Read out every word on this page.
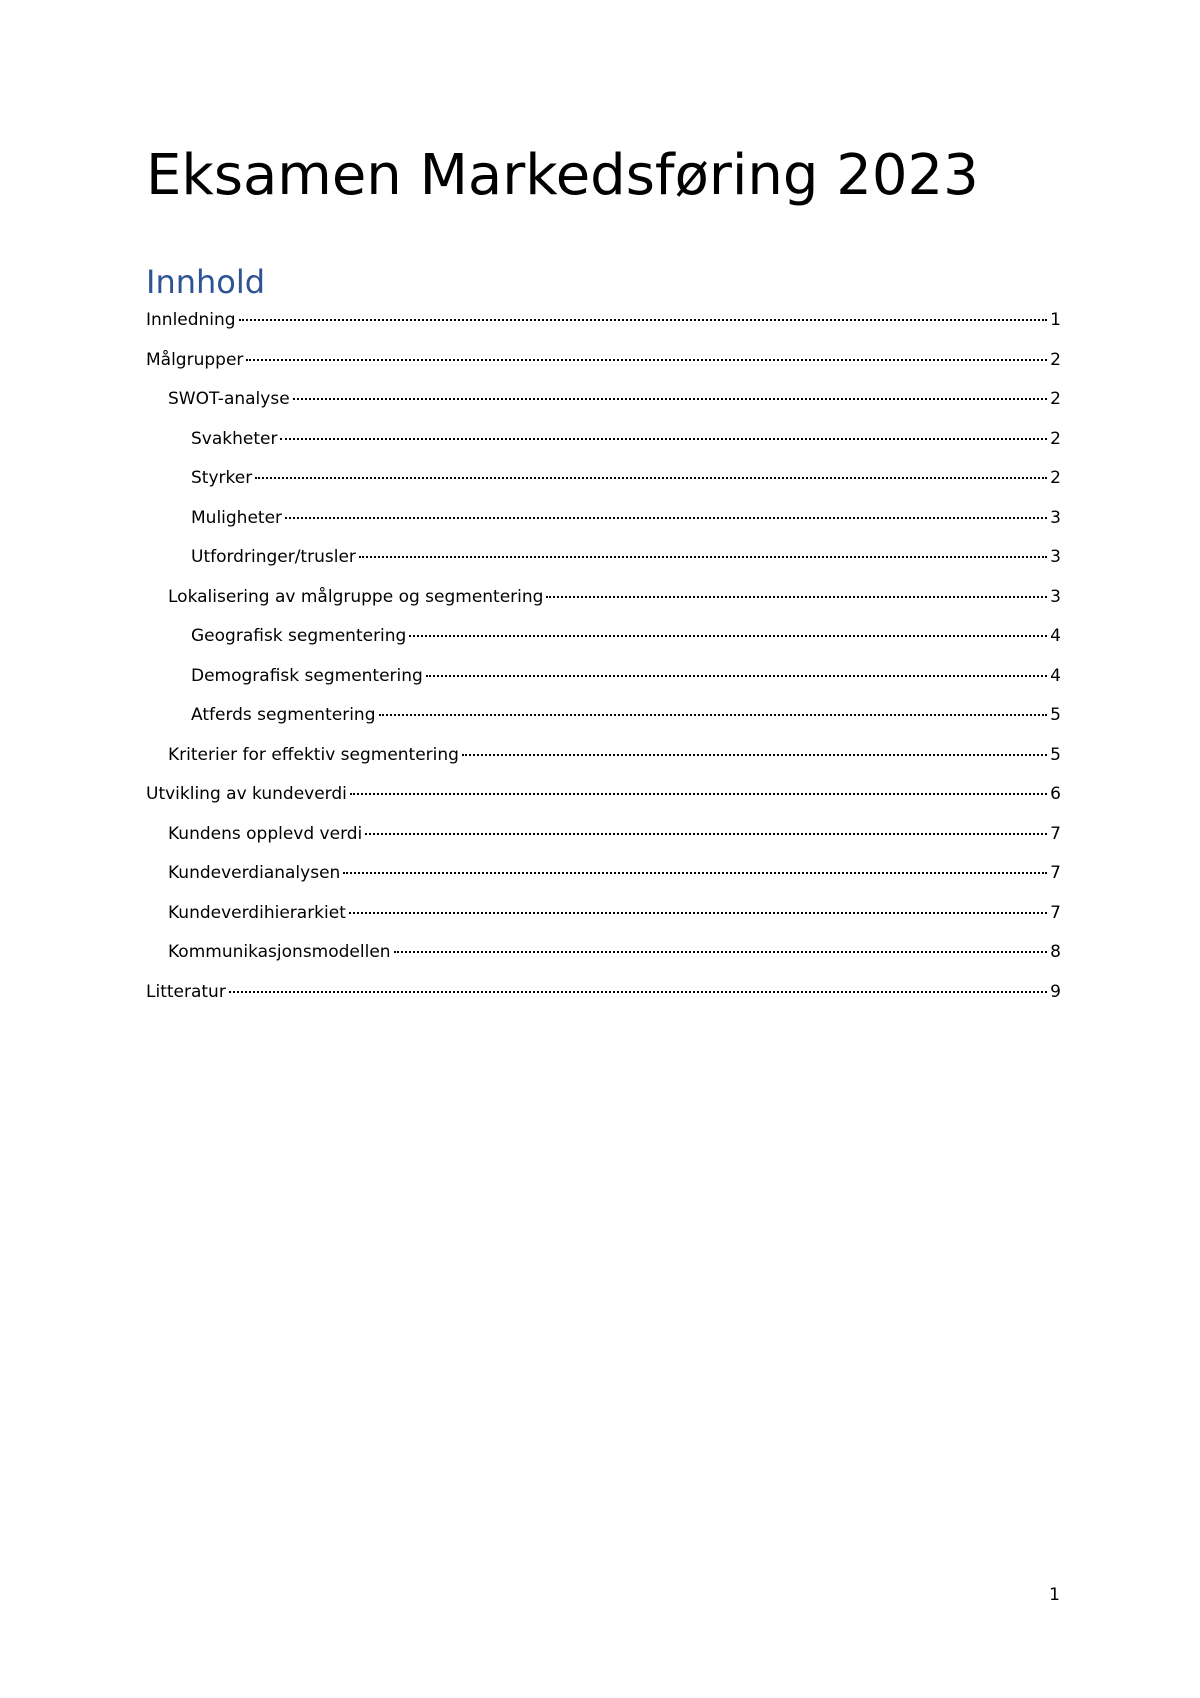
Eksamen Markedsføring 2023
Innhold
Innledning	1
Målgrupper	2
SWOT-analyse	2
Svakheter	2
Styrker	2
Muligheter	3
Utfordringer/trusler	3
Lokalisering av målgruppe og segmentering	3
Geografisk segmentering	4
Demografisk segmentering	4
Atferds segmentering	5
Kriterier for effektiv segmentering	5
Utvikling av kundeverdi	6
Kundens opplevd verdi	7
Kundeverdianalysen	7
Kundeverdihierarkiet	7
Kommunikasjonsmodellen	8
Litteratur	9
1
